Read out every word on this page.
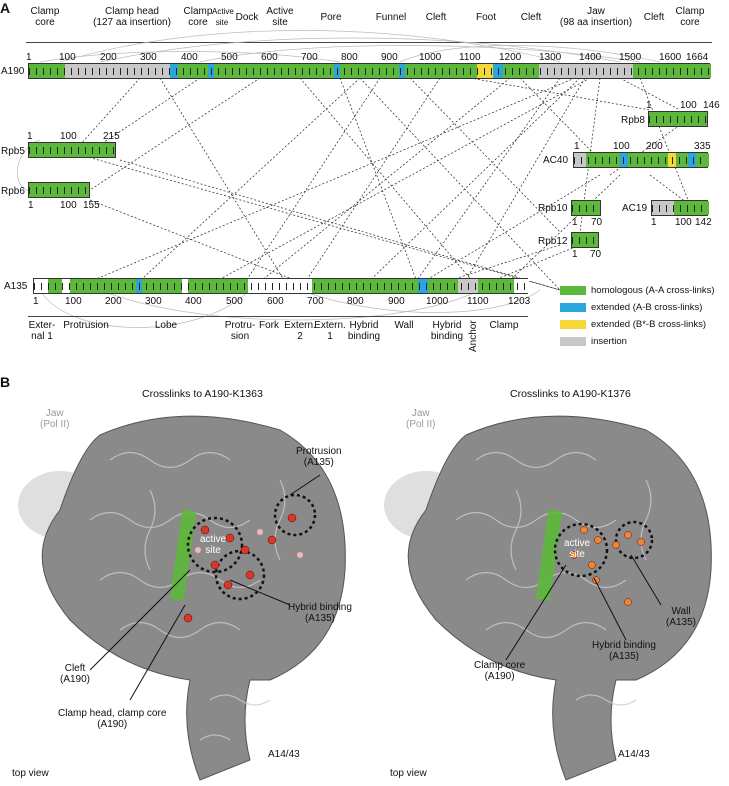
A	Clamp
core
Clamp head
(127 aa insertion)
Clamp
core
Active
site Dock
Active
site	Pore	Funnel	Cleft	Foot	Cleft
Jaw
(98 aa insertion)	Cleft
Clamp
core
A190
1	100 200 300 400 500 600 700 800 900 1000 1100 1200 1300 1400 1500 1600 1664
Rpb8
1	100 146
Rpb5
1	100	215
AC40
1	100 200	335
Rpb6
1	100 155	Rpb10
1 70
AC19
1 100 142
Rpb12
1 70
A135
1	100 200 300 400 500 600 700 800 900 1000 1100 1203
Exter-
nal 1
Protrusion	Lobe	Protru-
sion
Fork Extern.
2
Extern.
1
Hybrid
binding
Wall	Hybrid
binding Anchor	Clamp
homologous (A-A cross-links)
extended (A-B cross-links)
extended (B*-B cross-links)
insertion
B
Crosslinks to A190-K1363
Jaw
(Pol II)
Protrusion
(A135)
active
site
Hybrid binding
(A135)
Cleft
(A190)
Clamp head, clamp core
(A190)
A14/43
top view
Crosslinks to A190-K1376
Jaw
(Pol II)
active
site
Wall
(A135)
Hybrid binding
(A135)
Clamp core
(A190)
A14/43
top view
